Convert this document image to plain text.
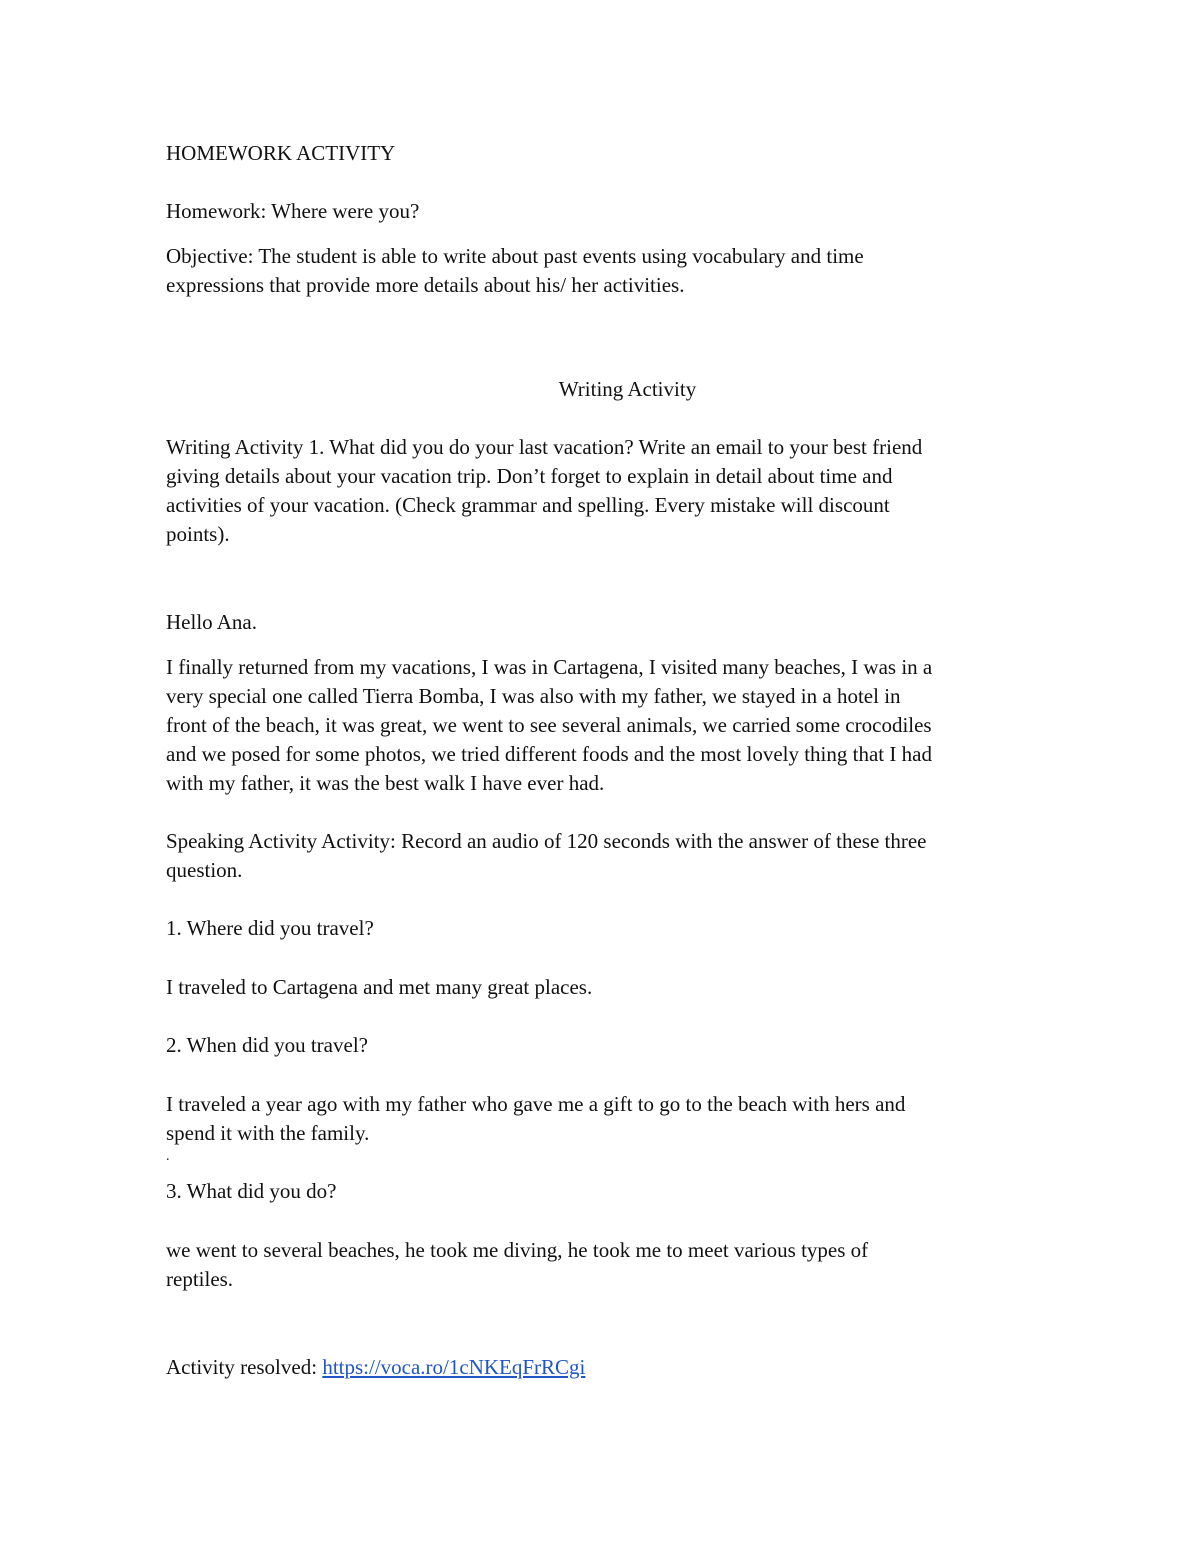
HOMEWORK ACTIVITY

Homework: Where were you?

Objective: The student is able to write about past events using vocabulary and time

expressions that provide more details about his/ her activities.

Writing Activity

Writing Activity 1. What did you do your last vacation? Write an email to your best friend

giving details about your vacation trip. Don’t forget to explain in detail about time and

activities of your vacation. (Check grammar and spelling. Every mistake will discount

points).

Hello Ana.

I finally returned from my vacations, I was in Cartagena, I visited many beaches, I was in a

very special one called Tierra Bomba, I was also with my father, we stayed in a hotel in

front of the beach, it was great, we went to see several animals, we carried some crocodiles

and we posed for some photos, we tried different foods and the most lovely thing that I had

with my father, it was the best walk I have ever had.

Speaking Activity Activity: Record an audio of 120 seconds with the answer of these three

question.

1. Where did you travel?

I traveled to Cartagena and met many great places.

2. When did you travel?

I traveled a year ago with my father who gave me a gift to go to the beach with hers and

spend it with the family.

.

3. What did you do?

we went to several beaches, he took me diving, he took me to meet various types of

reptiles.

Activity resolved: https://voca.ro/1cNKEqFrRCgi
